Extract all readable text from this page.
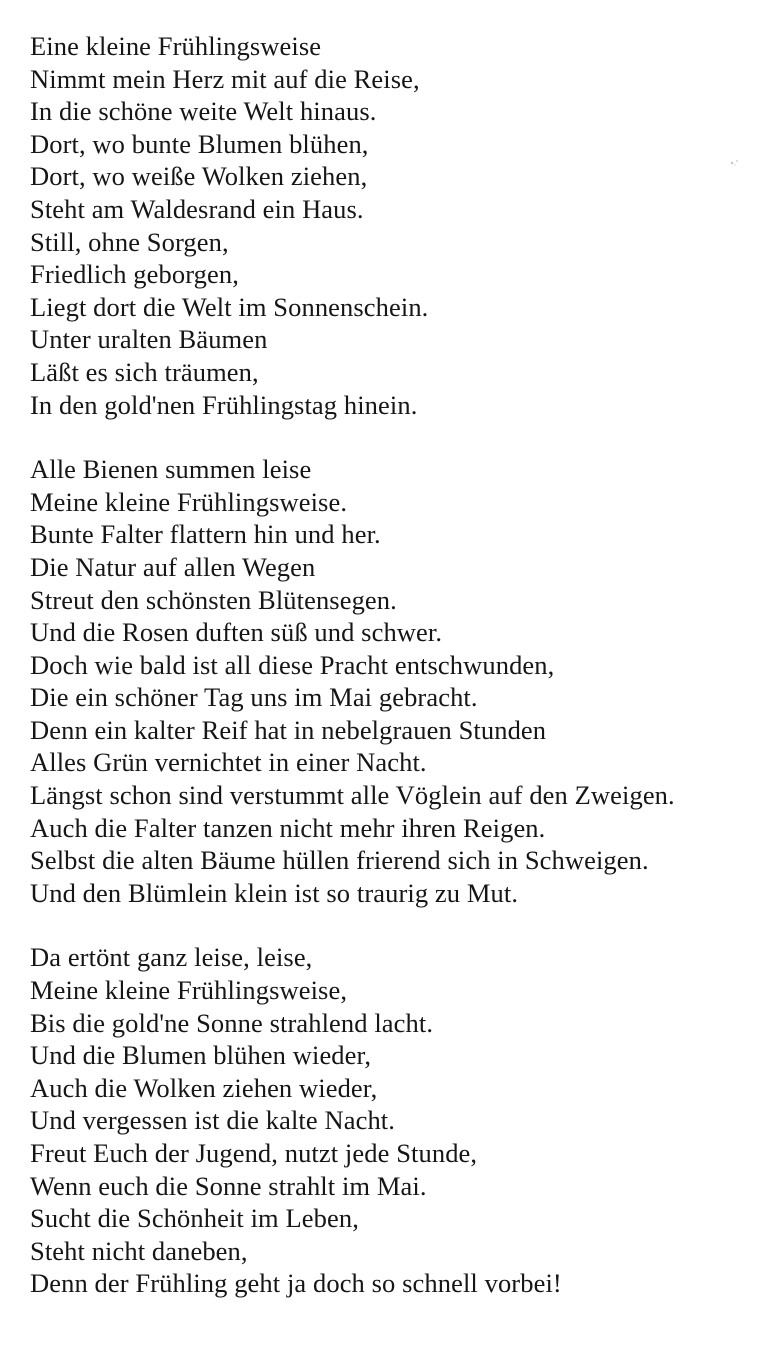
Eine kleine Frühlingsweise
Nimmt mein Herz mit auf die Reise,
In die schöne weite Welt hinaus.
Dort, wo bunte Blumen blühen,
Dort, wo weiße Wolken ziehen,
Steht am Waldesrand ein Haus.
Still, ohne Sorgen,
Friedlich geborgen,
Liegt dort die Welt im Sonnenschein.
Unter uralten Bäumen
Läßt es sich träumen,
In den gold'nen Frühlingstag hinein.
Alle Bienen summen leise
Meine kleine Frühlingsweise.
Bunte Falter flattern hin und her.
Die Natur auf allen Wegen
Streut den schönsten Blütensegen.
Und die Rosen duften süß und schwer.
Doch wie bald ist all diese Pracht entschwunden,
Die ein schöner Tag uns im Mai gebracht.
Denn ein kalter Reif hat in nebelgrauen Stunden
Alles Grün vernichtet in einer Nacht.
Längst schon sind verstummt alle Vöglein auf den Zweigen.
Auch die Falter tanzen nicht mehr ihren Reigen.
Selbst die alten Bäume hüllen frierend sich in Schweigen.
Und den Blümlein klein ist so traurig zu Mut.
Da ertönt ganz leise, leise,
Meine kleine Frühlingsweise,
Bis die gold'ne Sonne strahlend lacht.
Und die Blumen blühen wieder,
Auch die Wolken ziehen wieder,
Und vergessen ist die kalte Nacht.
Freut Euch der Jugend, nutzt jede Stunde,
Wenn euch die Sonne strahlt im Mai.
Sucht die Schönheit im Leben,
Steht nicht daneben,
Denn der Frühling geht ja doch so schnell vorbei!
